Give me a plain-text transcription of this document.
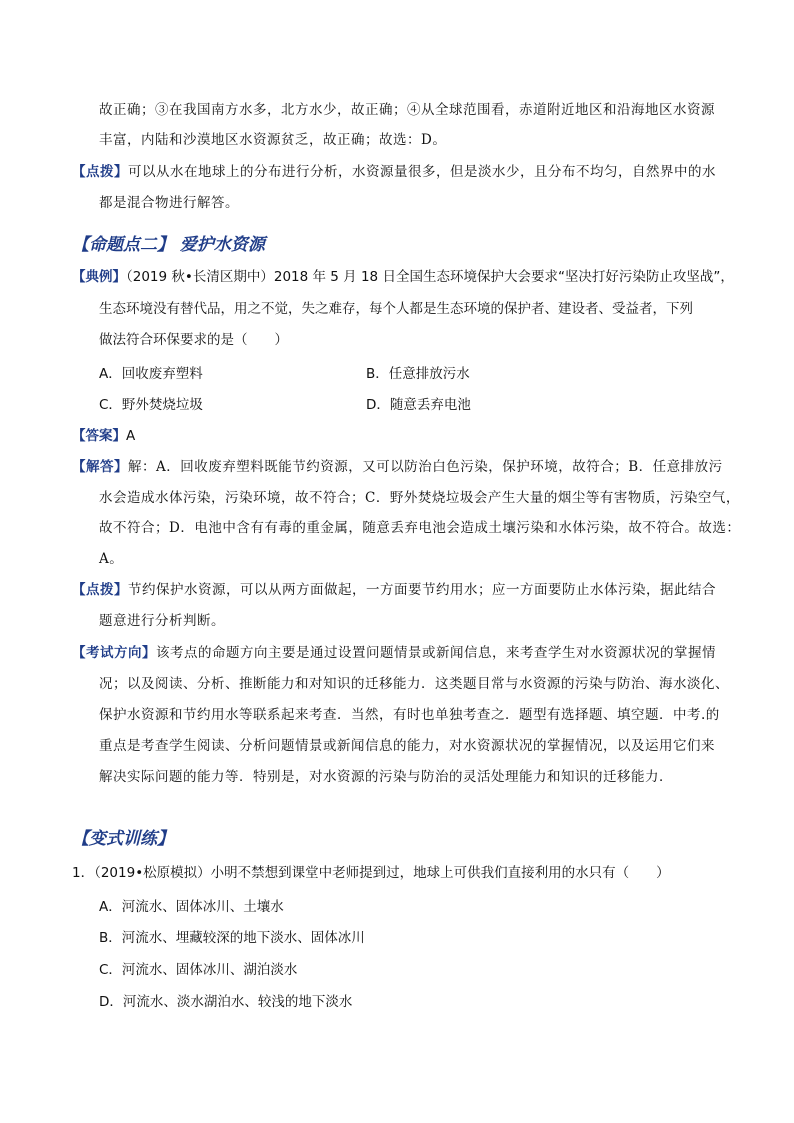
故正确；③在我国南方水多，北方水少，故正确；④从全球范围看，赤道附近地区和沿海地区水资源
丰富，内陆和沙漠地区水资源贫乏，故正确；故选：D。
【点拨】可以从水在地球上的分布进行分析，水资源量很多，但是淡水少，且分布不均匀，自然界中的水
都是混合物进行解答。
【命题点二】 爱护水资源
【典例】（2019 秋•长清区期中）2018 年 5 月 18 日全国生态环境保护大会要求“坚决打好污染防止攻坚战”，
生态环境没有替代品，用之不觉，失之难存，每个人都是生态环境的保护者、建设者、受益者，下列
做法符合环保要求的是（　　）
A．回收废弃塑料	B．任意排放污水
C．野外焚烧垃圾	D．随意丢弃电池
【答案】A
【解答】解：A．回收废弃塑料既能节约资源，又可以防治白色污染，保护环境，故符合；B．任意排放污
水会造成水体污染，污染环境，故不符合；C．野外焚烧垃圾会产生大量的烟尘等有害物质，污染空气，
故不符合；D．电池中含有有毒的重金属，随意丢弃电池会造成土壤污染和水体污染，故不符合。故选：
A。
【点拨】节约保护水资源，可以从两方面做起，一方面要节约用水；应一方面要防止水体污染，据此结合
题意进行分析判断。
【考试方向】该考点的命题方向主要是通过设置问题情景或新闻信息，来考查学生对水资源状况的掌握情
况；以及阅读、分析、推断能力和对知识的迁移能力．这类题目常与水资源的污染与防治、海水淡化、
保护水资源和节约用水等联系起来考查．当然，有时也单独考查之．题型有选择题、填空题．中考.的
重点是考查学生阅读、分析问题情景或新闻信息的能力，对水资源状况的掌握情况，以及运用它们来
解决实际问题的能力等．特别是，对水资源的污染与防治的灵活处理能力和知识的迁移能力．
【变式训练】
1．（2019•松原模拟）小明不禁想到课堂中老师提到过，地球上可供我们直接利用的水只有（　　）
A．河流水、固体冰川、土壤水
B．河流水、埋藏较深的地下淡水、固体冰川
C．河流水、固体冰川、湖泊淡水
D．河流水、淡水湖泊水、较浅的地下淡水
